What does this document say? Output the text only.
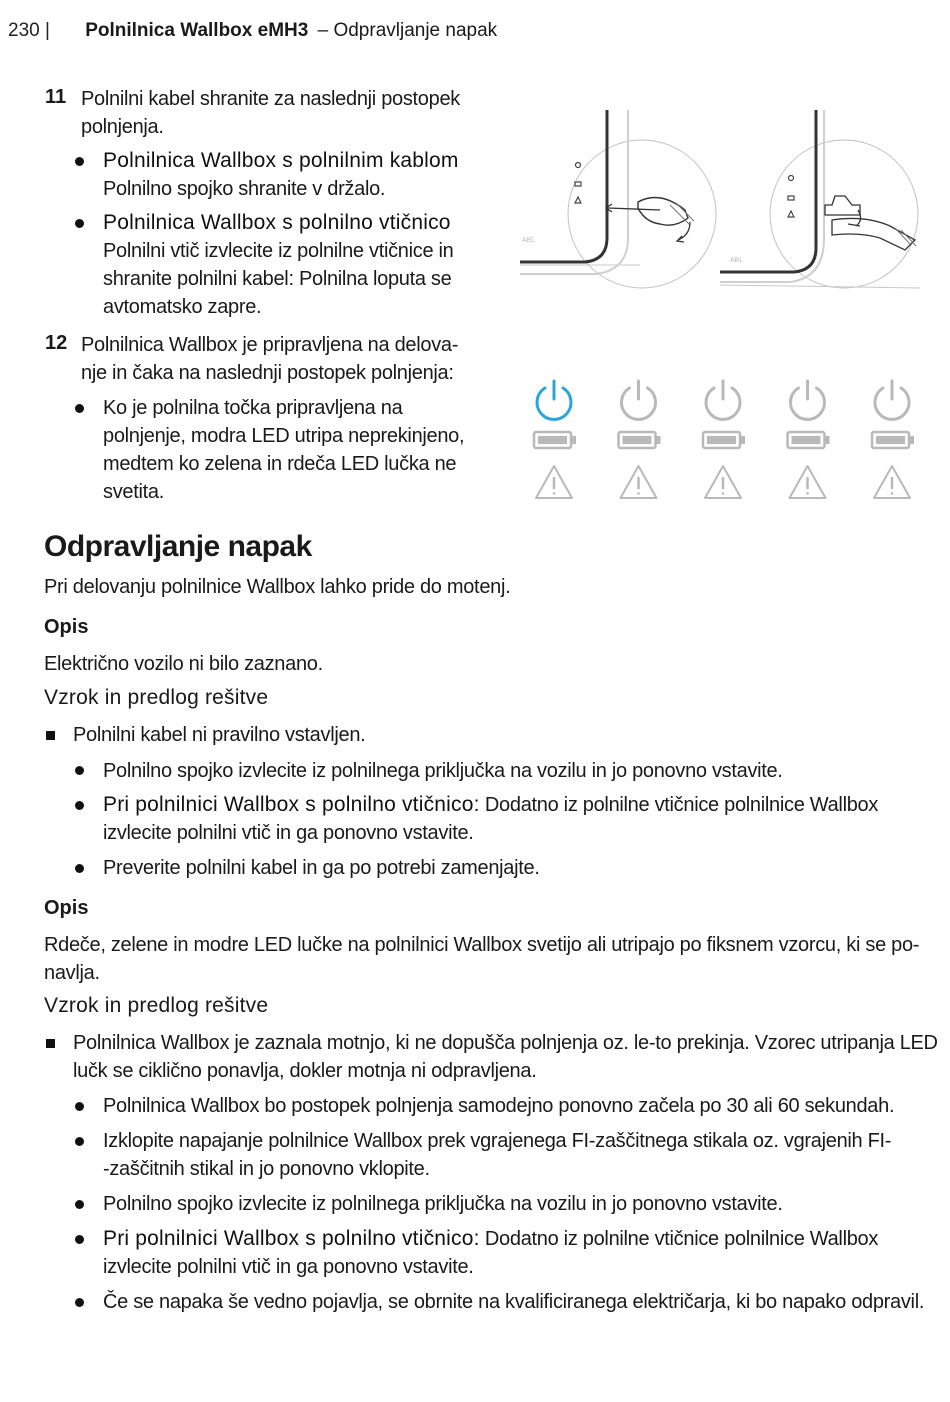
230 | Polnilnica Wallbox eMH3 – Odpravljanje napak
11 Polnilni kabel shranite za naslednji postopek
polnjenja.
Polnilnica Wallbox s polnilnim kablom
Polnilno spojko shranite v držalo.
Polnilnica Wallbox s polnilno vtičnico
Polnilni vtič izvlecite iz polnilne vtičnice in
shranite polnilni kabel: Polnilna loputa se
avtomatsko zapre.
12 Polnilnica Wallbox je pripravljena na delova-
nje in čaka na naslednji postopek polnjenja:
Ko je polnilna točka pripravljena na
polnjenje, modra LED utripa neprekinjeno,
medtem ko zelena in rdeča LED lučka ne
svetita.
ABL
ABL
Odpravljanje napak
Pri delovanju polnilnice Wallbox lahko pride do motenj.
Opis
Električno vozilo ni bilo zaznano.
Vzrok in predlog rešitve
Polnilni kabel ni pravilno vstavljen.
Polnilno spojko izvlecite iz polnilnega priključka na vozilu in jo ponovno vstavite.
Pri polnilnici Wallbox s polnilno vtičnico: Dodatno iz polnilne vtičnice polnilnice Wallbox
izvlecite polnilni vtič in ga ponovno vstavite.
Preverite polnilni kabel in ga po potrebi zamenjajte.
Opis
Rdeče, zelene in modre LED lučke na polnilnici Wallbox svetijo ali utripajo po fiksnem vzorcu, ki se po-
navlja.
Vzrok in predlog rešitve
Polnilnica Wallbox je zaznala motnjo, ki ne dopušča polnjenja oz. le-to prekinja. Vzorec utripanja LED
lučk se ciklično ponavlja, dokler motnja ni odpravljena.
Polnilnica Wallbox bo postopek polnjenja samodejno ponovno začela po 30 ali 60 sekundah.
Izklopite napajanje polnilnice Wallbox prek vgrajenega FI-zaščitnega stikala oz. vgrajenih FI-
-zaščitnih stikal in jo ponovno vklopite.
Polnilno spojko izvlecite iz polnilnega priključka na vozilu in jo ponovno vstavite.
Pri polnilnici Wallbox s polnilno vtičnico: Dodatno iz polnilne vtičnice polnilnice Wallbox
izvlecite polnilni vtič in ga ponovno vstavite.
Če se napaka še vedno pojavlja, se obrnite na kvalificiranega električarja, ki bo napako odpravil.
